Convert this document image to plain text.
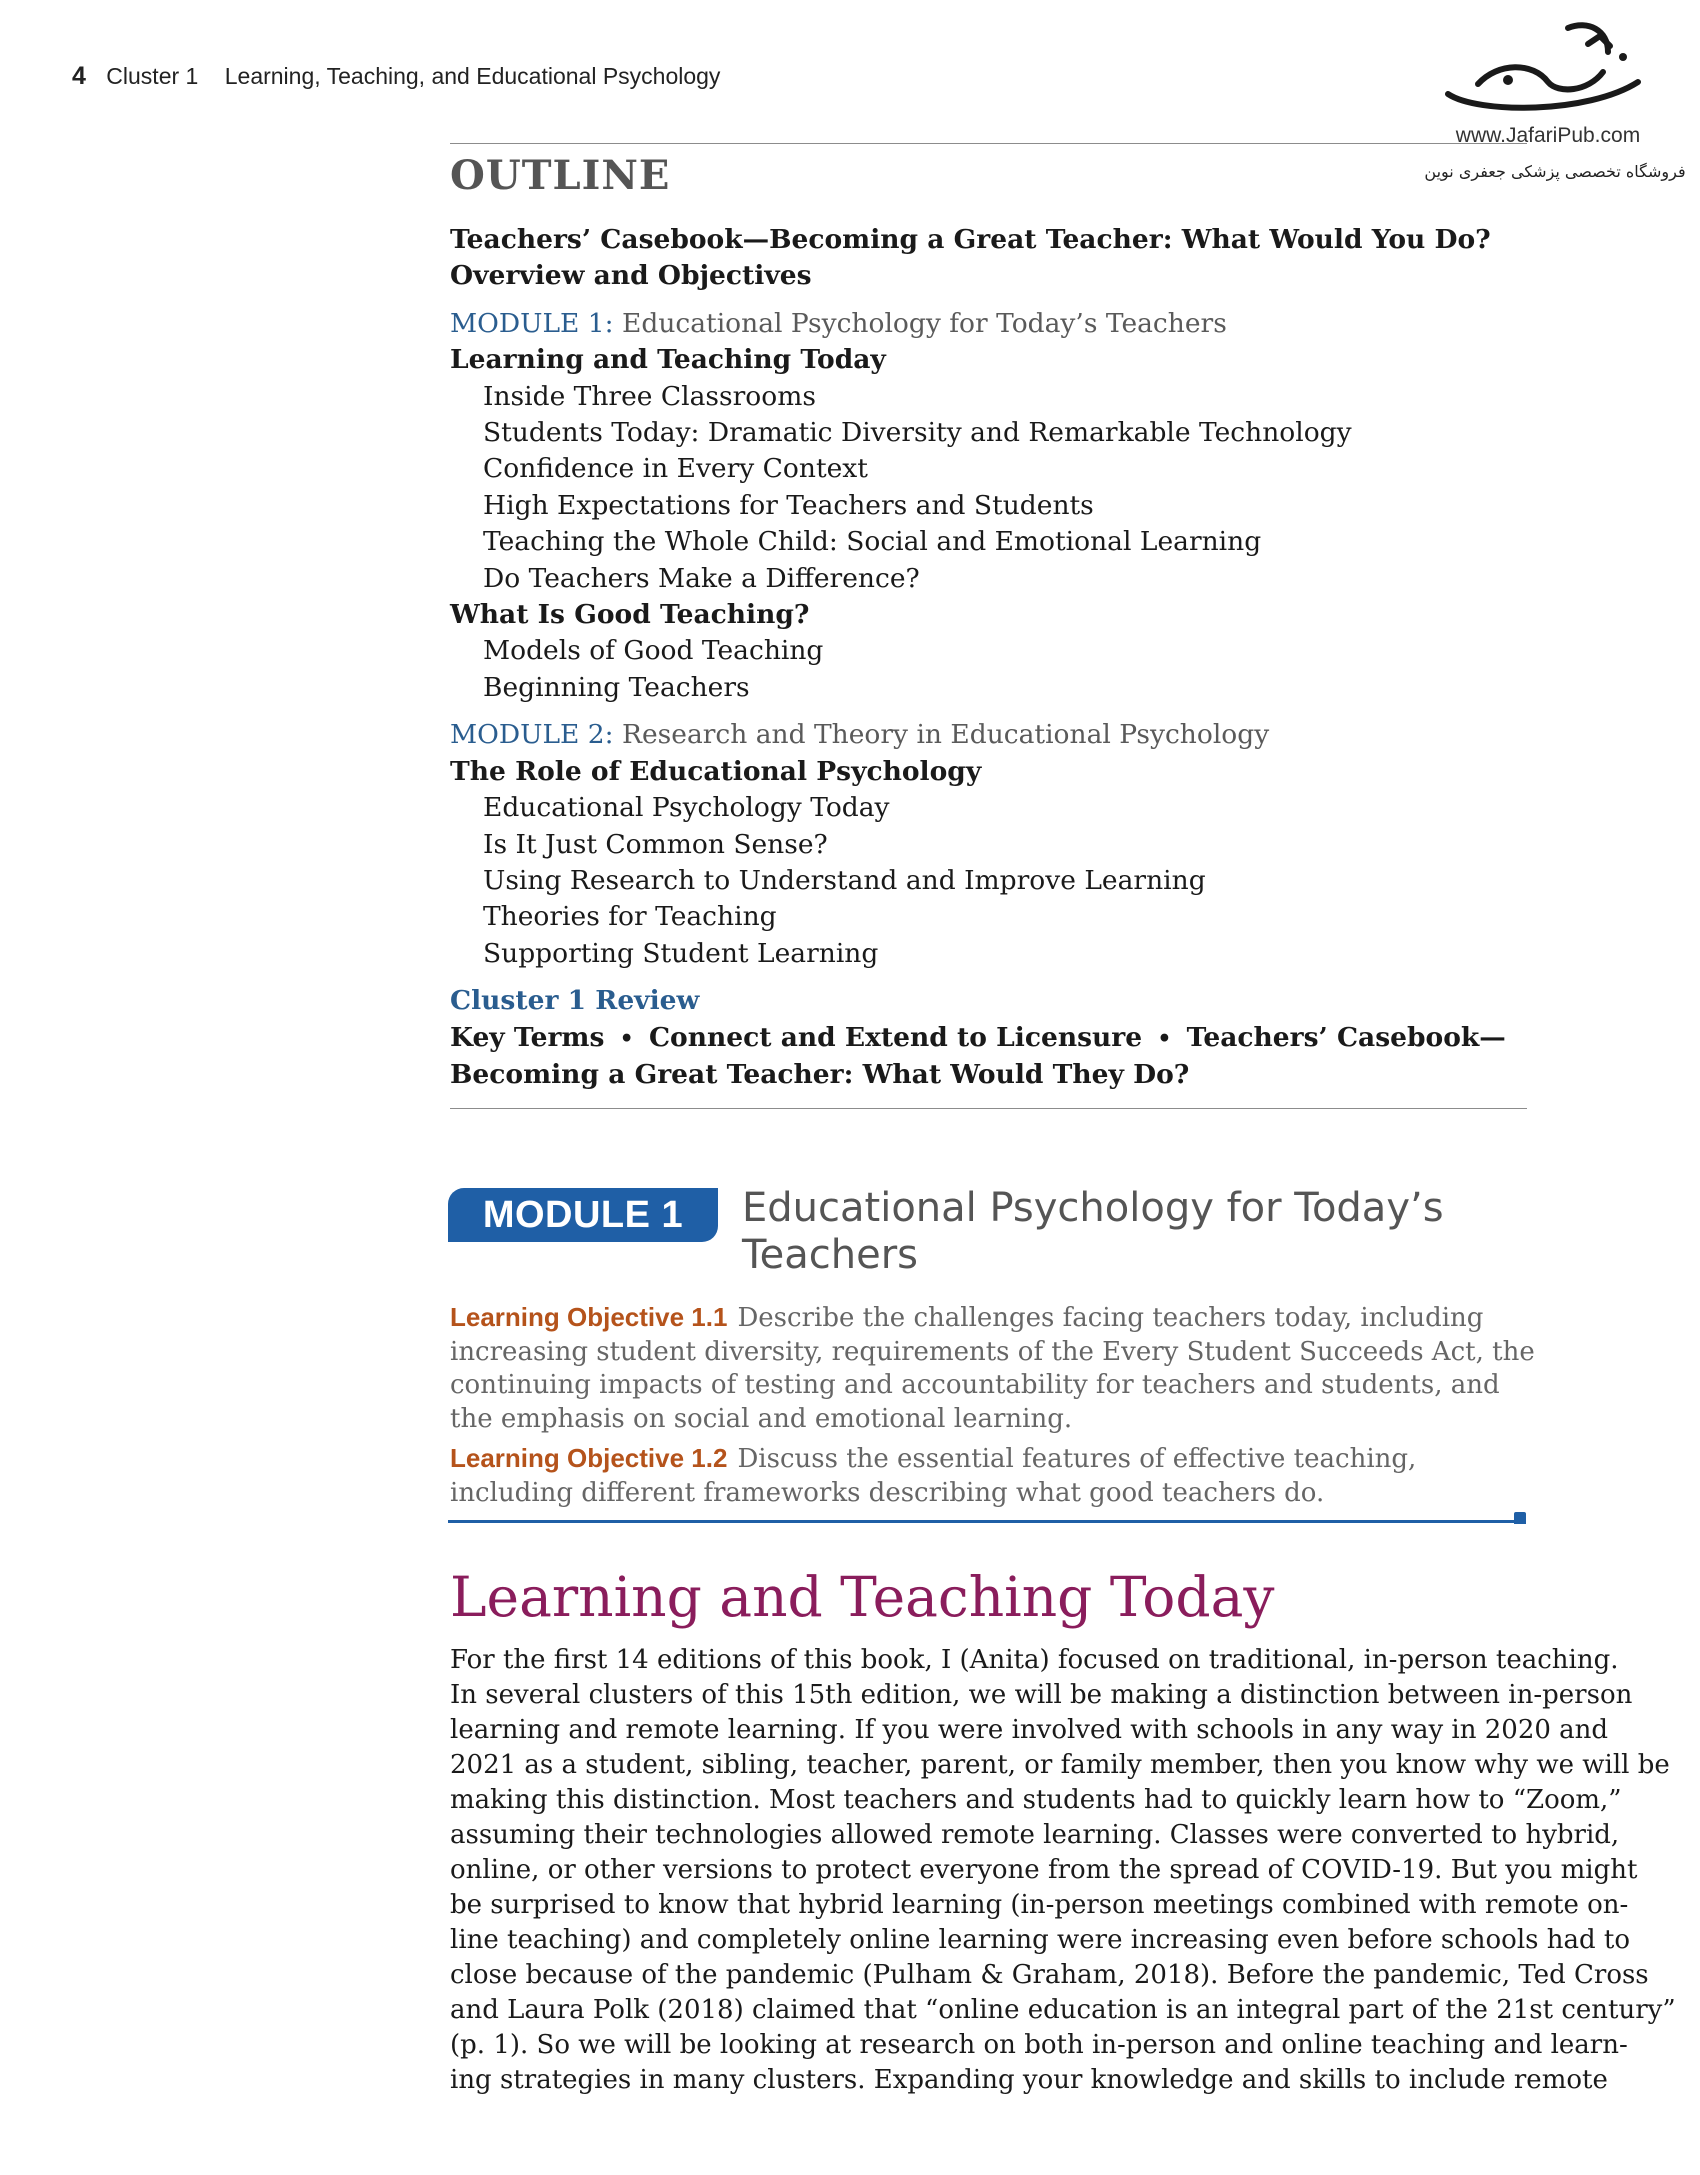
4 Cluster 1 Learning, Teaching, and Educational Psychology
www.JafariPub.com
فروشگاه تخصصی پزشکی جعفری نوین
OUTLINE
Teachers’ Casebook—Becoming a Great Teacher: What Would You Do?
Overview and Objectives
MODULE 1: Educational Psychology for Today’s Teachers
Learning and Teaching Today
Inside Three Classrooms
Students Today: Dramatic Diversity and Remarkable Technology
Confidence in Every Context
High Expectations for Teachers and Students
Teaching the Whole Child: Social and Emotional Learning
Do Teachers Make a Difference?
What Is Good Teaching?
Models of Good Teaching
Beginning Teachers
MODULE 2: Research and Theory in Educational Psychology
The Role of Educational Psychology
Educational Psychology Today
Is It Just Common Sense?
Using Research to Understand and Improve Learning
Theories for Teaching
Supporting Student Learning
Cluster 1 Review
Key Terms • Connect and Extend to Licensure • Teachers’ Casebook—
Becoming a Great Teacher: What Would They Do?
MODULE 1	Educational Psychology for Today’s
Teachers
Learning Objective 1.1 Describe the challenges facing teachers today, including increasing student diversity, requirements of the Every Student Succeeds Act, the continuing impacts of testing and accountability for teachers and students, and the emphasis on social and emotional learning.
Learning Objective 1.2 Discuss the essential features of effective teaching, including different frameworks describing what good teachers do.
Learning and Teaching Today
For the first 14 editions of this book, I (Anita) focused on traditional, in-person teaching.
In several clusters of this 15th edition, we will be making a distinction between in-person
learning and remote learning. If you were involved with schools in any way in 2020 and
2021 as a student, sibling, teacher, parent, or family member, then you know why we will be
making this distinction. Most teachers and students had to quickly learn how to “Zoom,”
assuming their technologies allowed remote learning. Classes were converted to hybrid,
online, or other versions to protect everyone from the spread of COVID-19. But you might
be surprised to know that hybrid learning (in-person meetings combined with remote on-
line teaching) and completely online learning were increasing even before schools had to
close because of the pandemic (Pulham & Graham, 2018). Before the pandemic, Ted Cross
and Laura Polk (2018) claimed that “online education is an integral part of the 21st century”
(p. 1). So we will be looking at research on both in-person and online teaching and learn-
ing strategies in many clusters. Expanding your knowledge and skills to include remote
